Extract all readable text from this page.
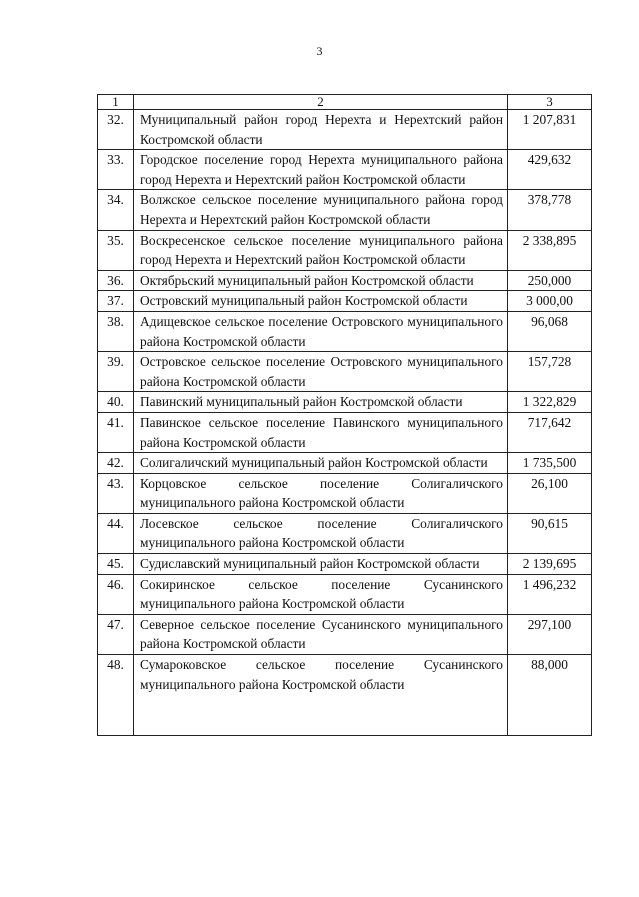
3
1	2	3
32.	Муниципальный район город Нерехта и Нерехтский район Костромской области	1 207,831
33.	Городское поселение город Нерехта муниципального района город Нерехта и Нерехтский район Костромской области	429,632
34.	Волжское сельское поселение муниципального района город Нерехта и Нерехтский район Костромской области	378,778
35.	Воскресенское сельское поселение муниципального района город Нерехта и Нерехтский район Костромской области	2 338,895
36.	Октябрьский муниципальный район Костромской области	250,000
37.	Островский муниципальный район Костромской области	3 000,00
38.	Адищевское сельское поселение Островского муниципального района Костромской области	96,068
39.	Островское сельское поселение Островского муниципального района Костромской области	157,728
40.	Павинский муниципальный район Костромской области	1 322,829
41.	Павинское сельское поселение Павинского муниципального района Костромской области	717,642
42.	Солигаличский муниципальный район Костромской области	1 735,500
43.	Корцовское сельское поселение Солигаличского муниципального района Костромской области	26,100
44.	Лосевское сельское поселение Солигаличского муниципального района Костромской области	90,615
45.	Судиславский муниципальный район Костромской области	2 139,695
46.	Сокиринское сельское поселение Сусанинского муниципального района Костромской области	1 496,232
47.	Северное сельское поселение Сусанинского муниципального района Костромской области	297,100
48.	Сумароковское сельское поселение Сусанинского муниципального района Костромской области	88,000
